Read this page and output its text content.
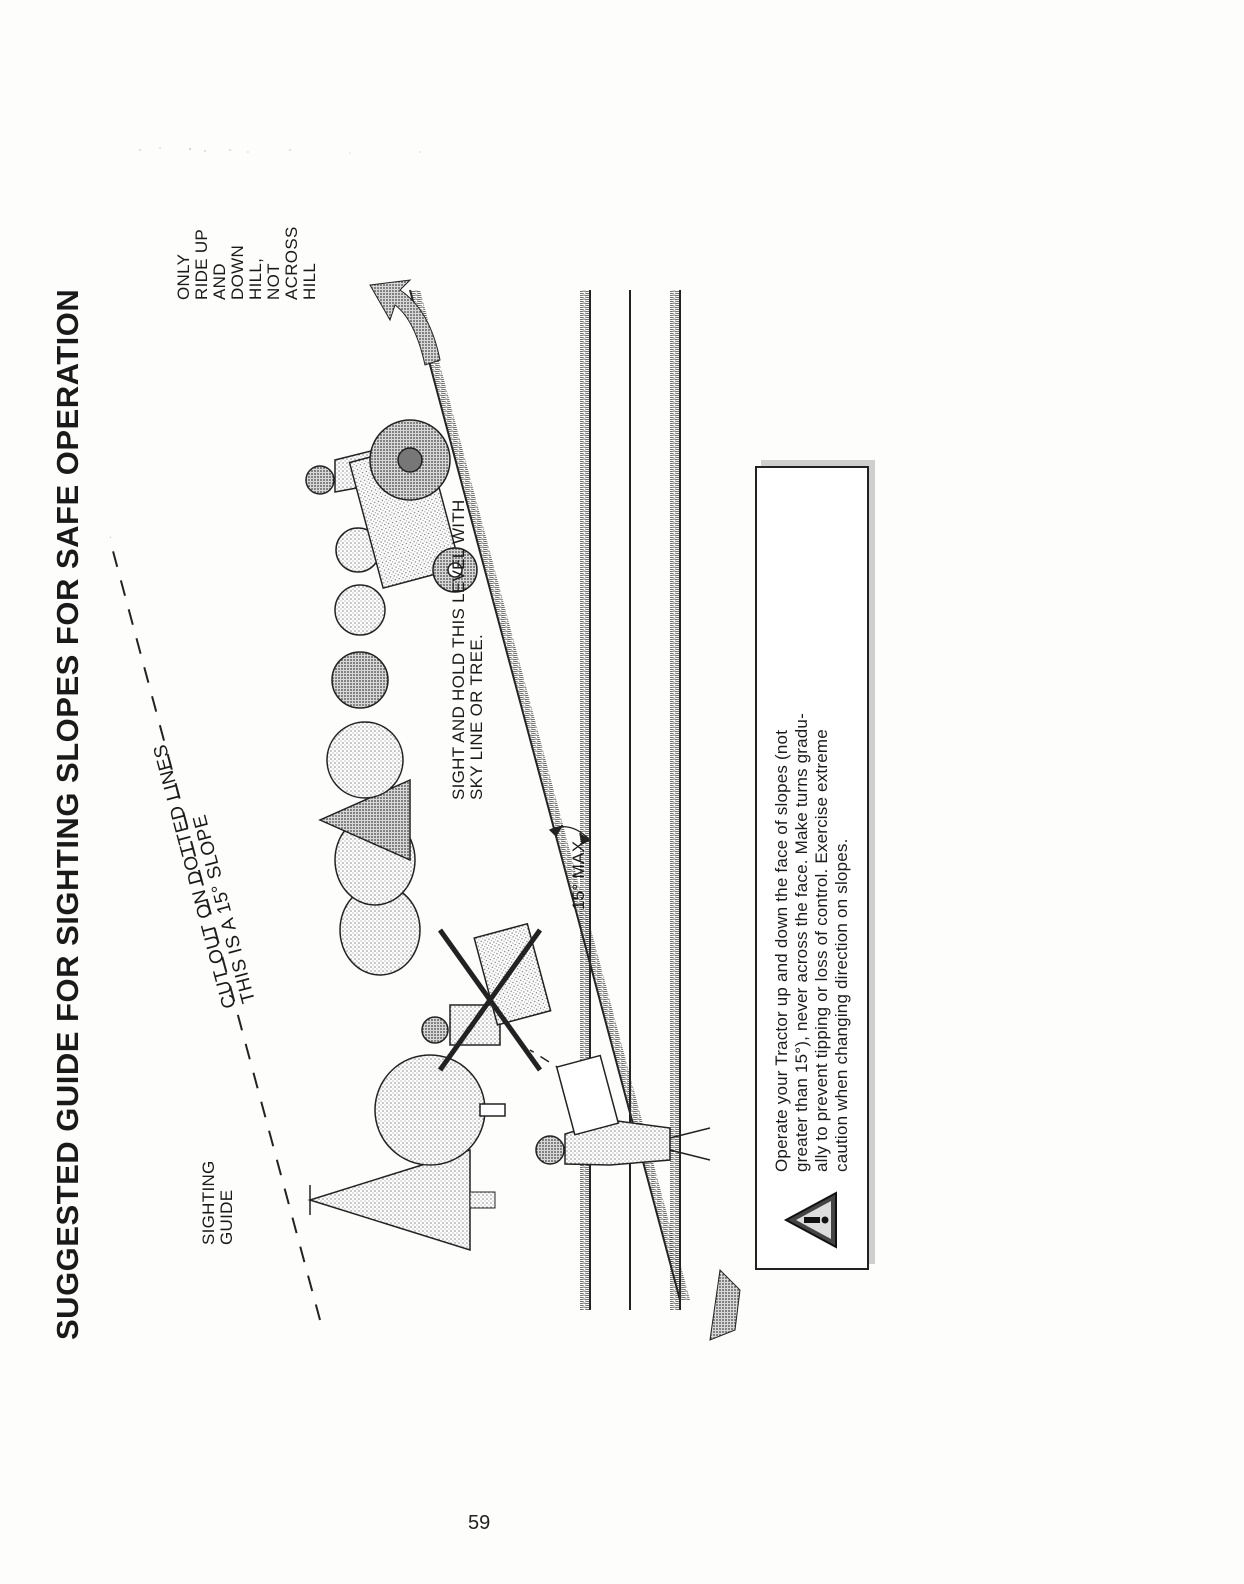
SUGGESTED GUIDE FOR SIGHTING SLOPES FOR SAFE OPERATION	SIGHTING
GUIDE
CUT OUT ON DOTTED LINES
THIS IS A 15° SLOPE
ONLY RIDE UP AND DOWN HILL,
NOT ACROSS HILL
SIGHT AND HOLD THIS LEVEL WITH
SKY LINE OR TREE.
15° MAX.

Operate your Tractor up and down the face of slopes (not
greater than 15°), never across the face. Make turns gradu-
ally to prevent tipping or loss of control. Exercise extreme
caution when changing direction on slopes.

59
